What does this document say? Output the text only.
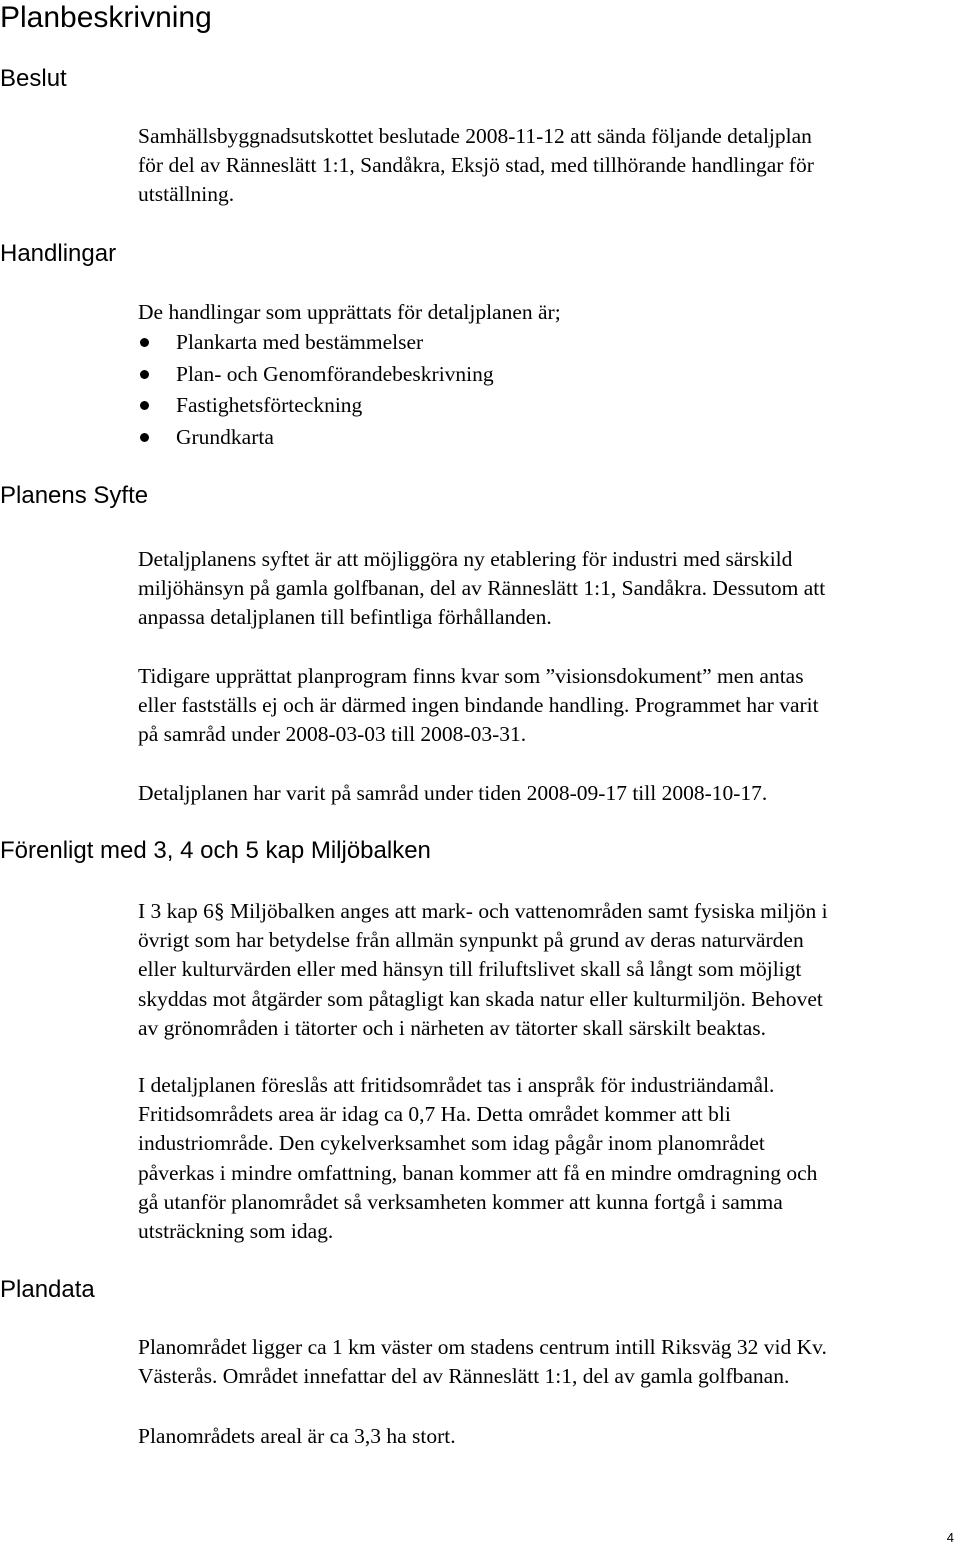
Planbeskrivning
Beslut

Samhällsbyggnadsutskottet beslutade 2008-11-12 att sända följande detaljplan
för del av Ränneslätt 1:1, Sandåkra, Eksjö stad, med tillhörande handlingar för
utställning.

Handlingar

De handlingar som upprättats för detaljplanen är;

Plankarta med bestämmelser
Plan- och Genomförandebeskrivning
Fastighetsförteckning
Grundkarta
Planens Syfte

Detaljplanens syftet är att möjliggöra ny etablering för industri med särskild
miljöhänsyn på gamla golfbanan, del av Ränneslätt 1:1, Sandåkra. Dessutom att
anpassa detaljplanen till befintliga förhållanden.

Tidigare upprättat planprogram finns kvar som ”visionsdokument” men antas
eller fastställs ej och är därmed ingen bindande handling. Programmet har varit
på samråd under 2008-03-03 till 2008-03-31.

Detaljplanen har varit på samråd under tiden 2008-09-17 till 2008-10-17.

Förenligt med 3, 4 och 5 kap Miljöbalken

I 3 kap 6§ Miljöbalken anges att mark- och vattenområden samt fysiska miljön i
övrigt som har betydelse från allmän synpunkt på grund av deras naturvärden
eller kulturvärden eller med hänsyn till friluftslivet skall så långt som möjligt
skyddas mot åtgärder som påtagligt kan skada natur eller kulturmiljön. Behovet
av grönområden i tätorter och i närheten av tätorter skall särskilt beaktas.

I detaljplanen föreslås att fritidsområdet tas i anspråk för industriändamål.
Fritidsområdets area är idag ca 0,7 Ha. Detta området kommer att bli
industriområde. Den cykelverksamhet som idag pågår inom planområdet
påverkas i mindre omfattning, banan kommer att få en mindre omdragning och
gå utanför planområdet så verksamheten kommer att kunna fortgå i samma
utsträckning som idag.

Plandata

Planområdet ligger ca 1 km väster om stadens centrum intill Riksväg 32 vid Kv.
Västerås. Området innefattar del av Ränneslätt 1:1, del av gamla golfbanan.

Planområdets areal är ca 3,3 ha stort.

4
